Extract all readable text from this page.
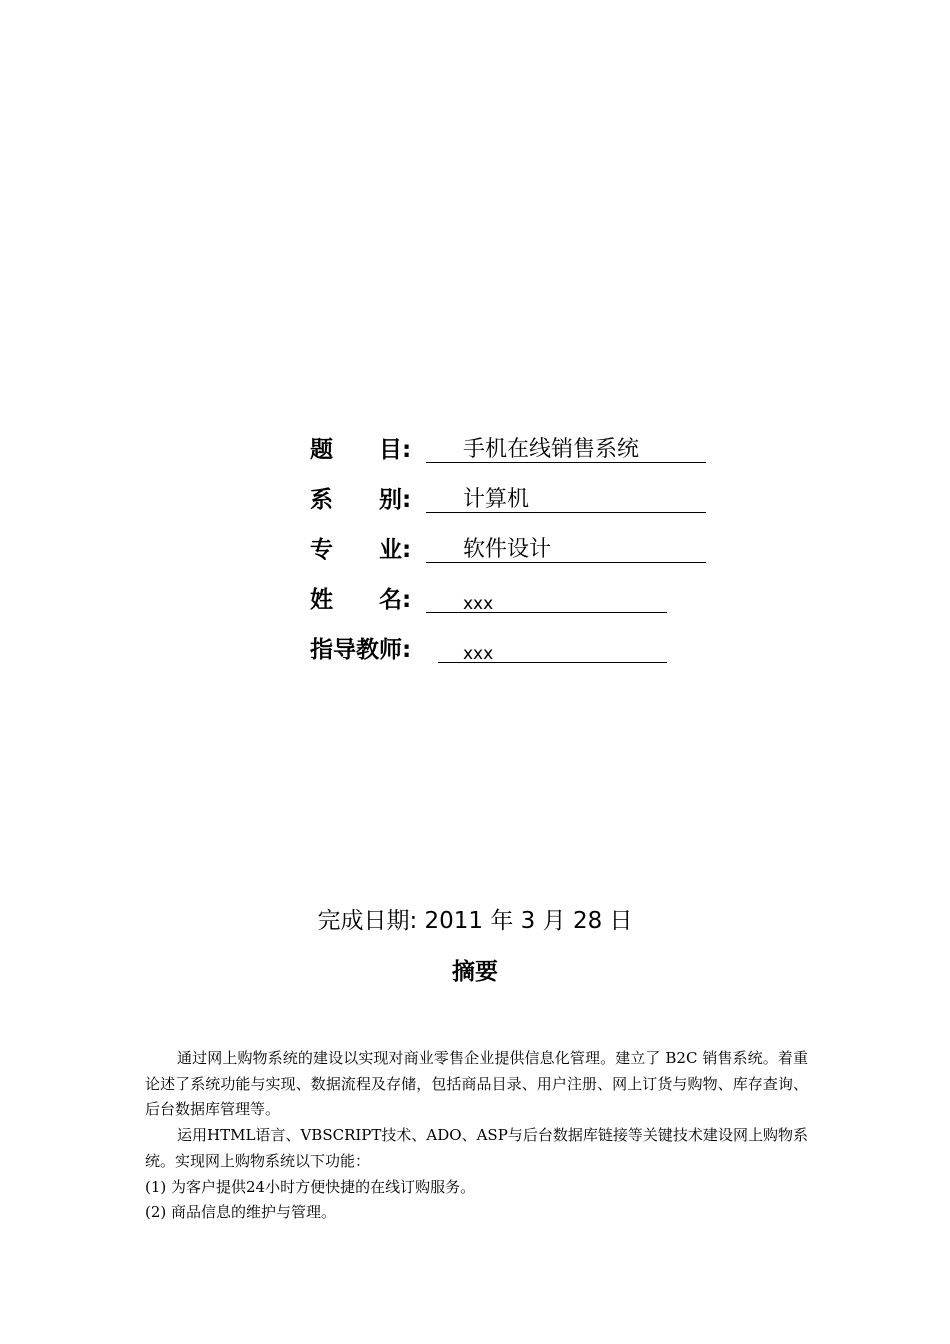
题　　目: 手机在线销售系统
系　　别: 计算机
专　　业: 软件设计
姓　　名:	xxx
指导教师:	xxx
完成日期: 2011 年 3 月 28 日
摘要

通过网上购物系统的建设以实现对商业零售企业提供信息化管理。建立了 B2C 销售系统。着重论述了系统功能与实现、数据流程及存储，包括商品目录、用户注册、网上订货与购物、库存查询、后台数据库管理等。

运用HTML语言、VBSCRIPT技术、ADO、ASP与后台数据库链接等关键技术建设网上购物系统。实现网上购物系统以下功能：

(1) 为客户提供24小时方便快捷的在线订购服务。

(2) 商品信息的维护与管理。
